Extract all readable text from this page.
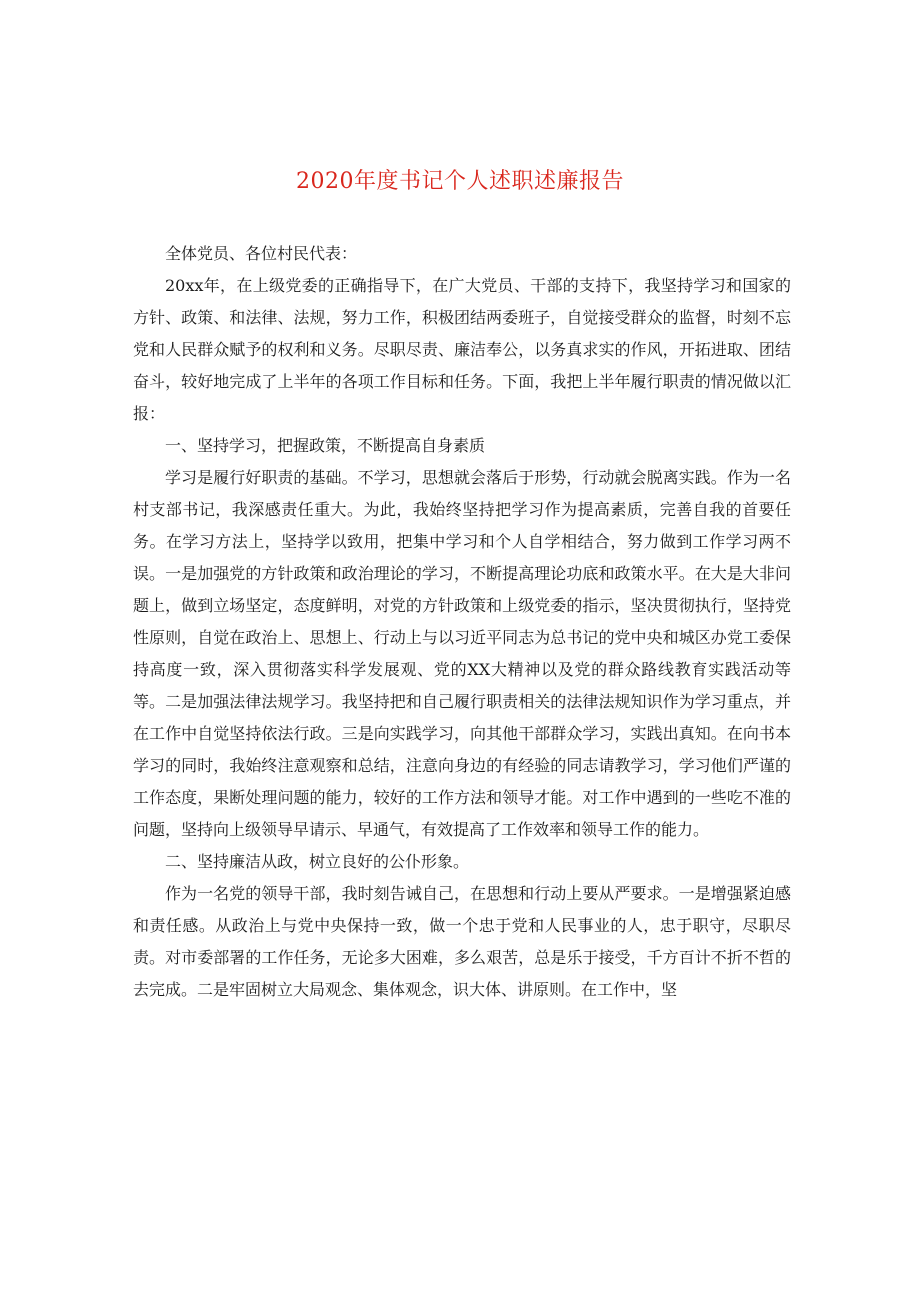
2020年度书记个人述职述廉报告

全体党员、各位村民代表：

20xx年，在上级党委的正确指导下，在广大党员、干部的支持下，我坚持学习和国家的方针、政策、和法律、法规，努力工作，积极团结两委班子，自觉接受群众的监督，时刻不忘党和人民群众赋予的权利和义务。尽职尽责、廉洁奉公，以务真求实的作风，开拓进取、团结奋斗，较好地完成了上半年的各项工作目标和任务。下面，我把上半年履行职责的情况做以汇报：

一、坚持学习，把握政策，不断提高自身素质

学习是履行好职责的基础。不学习，思想就会落后于形势，行动就会脱离实践。作为一名村支部书记，我深感责任重大。为此，我始终坚持把学习作为提高素质，完善自我的首要任务。在学习方法上，坚持学以致用，把集中学习和个人自学相结合，努力做到工作学习两不误。一是加强党的方针政策和政治理论的学习，不断提高理论功底和政策水平。在大是大非问题上，做到立场坚定，态度鲜明，对党的方针政策和上级党委的指示，坚决贯彻执行，坚持党性原则，自觉在政治上、思想上、行动上与以习近平同志为总书记的党中央和城区办党工委保持高度一致，深入贯彻落实科学发展观、党的XX大精神以及党的群众路线教育实践活动等等。二是加强法律法规学习。我坚持把和自己履行职责相关的法律法规知识作为学习重点，并在工作中自觉坚持依法行政。三是向实践学习，向其他干部群众学习，实践出真知。在向书本学习的同时，我始终注意观察和总结，注意向身边的有经验的同志请教学习，学习他们严谨的工作态度，果断处理问题的能力，较好的工作方法和领导才能。对工作中遇到的一些吃不准的问题，坚持向上级领导早请示、早通气，有效提高了工作效率和领导工作的能力。

二、坚持廉洁从政，树立良好的公仆形象。

作为一名党的领导干部，我时刻告诫自己，在思想和行动上要从严要求。一是增强紧迫感和责任感。从政治上与党中央保持一致，做一个忠于党和人民事业的人，忠于职守，尽职尽责。对市委部署的工作任务，无论多大困难，多么艰苦，总是乐于接受，千方百计不折不哲的去完成。二是牢固树立大局观念、集体观念，识大体、讲原则。在工作中，坚
